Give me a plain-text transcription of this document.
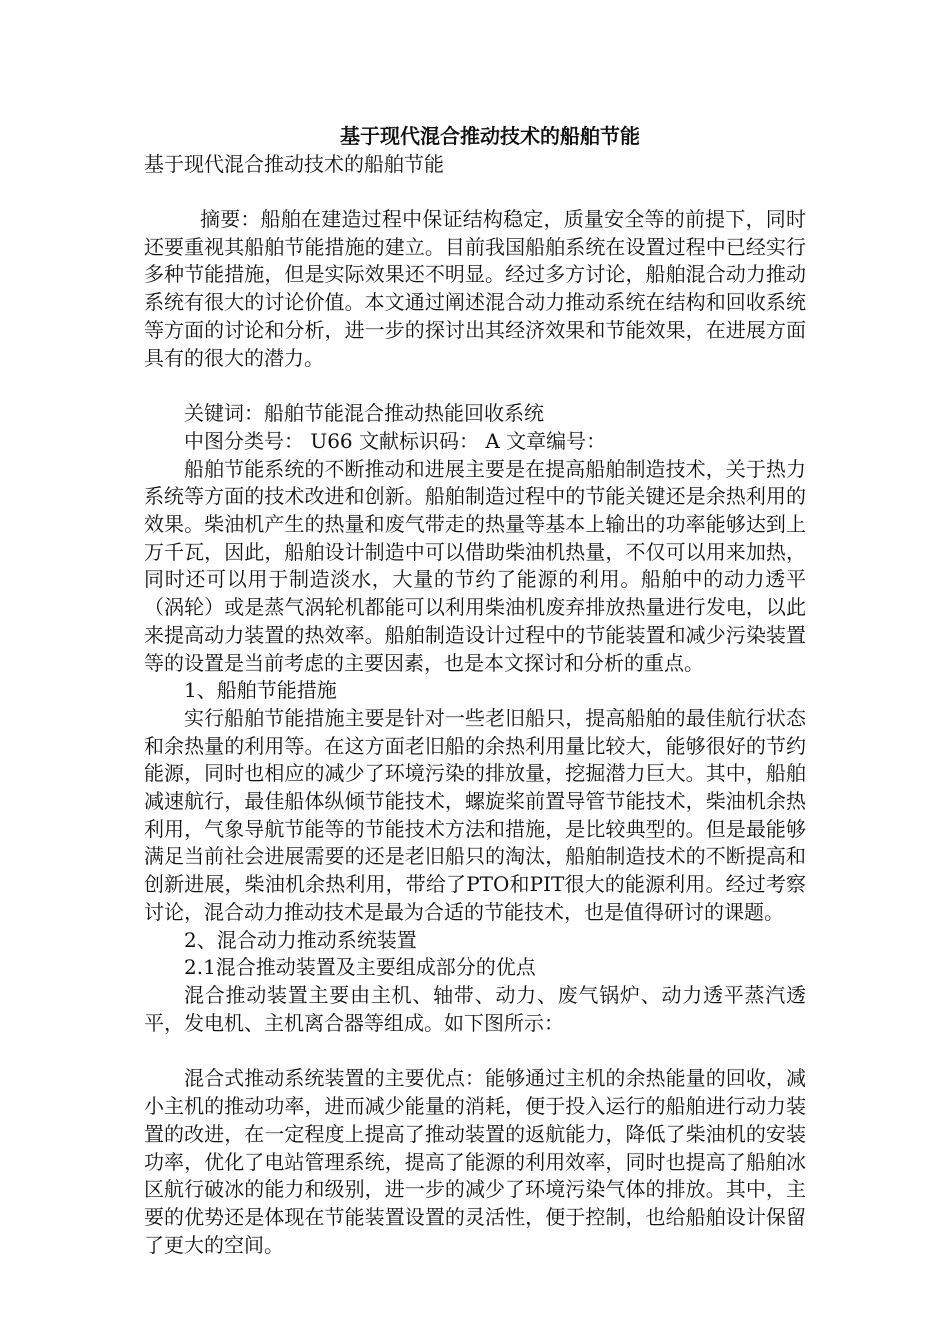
基于现代混合推动技术的船舶节能
基于现代混合推动技术的船舶节能

摘要：船舶在建造过程中保证结构稳定，质量安全等的前提下，同时还要重视其船舶节能措施的建立。目前我国船舶系统在设置过程中已经实行多种节能措施，但是实际效果还不明显。经过多方讨论，船舶混合动力推动系统有很大的讨论价值。本文通过阐述混合动力推动系统在结构和回收系统等方面的讨论和分析，进一步的探讨出其经济效果和节能效果，在进展方面具有的很大的潜力。

关键词：船舶节能混合推动热能回收系统
中图分类号： U66 文献标识码： A 文章编号：

船舶节能系统的不断推动和进展主要是在提高船舶制造技术，关于热力系统等方面的技术改进和创新。船舶制造过程中的节能关键还是余热利用的效果。柴油机产生的热量和废气带走的热量等基本上输出的功率能够达到上万千瓦，因此，船舶设计制造中可以借助柴油机热量，不仅可以用来加热，同时还可以用于制造淡水，大量的节约了能源的利用。船舶中的动力透平（涡轮）或是蒸气涡轮机都能可以利用柴油机废弃排放热量进行发电，以此来提高动力装置的热效率。船舶制造设计过程中的节能装置和减少污染装置等的设置是当前考虑的主要因素，也是本文探讨和分析的重点。

1、船舶节能措施

实行船舶节能措施主要是针对一些老旧船只，提高船舶的最佳航行状态和余热量的利用等。在这方面老旧船的余热利用量比较大，能够很好的节约能源，同时也相应的减少了环境污染的排放量，挖掘潜力巨大。其中，船舶减速航行，最佳船体纵倾节能技术，螺旋桨前置导管节能技术，柴油机余热利用，气象导航节能等的节能技术方法和措施，是比较典型的。但是最能够满足当前社会进展需要的还是老旧船只的淘汰，船舶制造技术的不断提高和创新进展，柴油机余热利用，带给了PTO和PIT很大的能源利用。经过考察讨论，混合动力推动技术是最为合适的节能技术，也是值得研讨的课题。

2、混合动力推动系统装置
2.1混合推动装置及主要组成部分的优点

混合推动装置主要由主机、轴带、动力、废气锅炉、动力透平蒸汽透平，发电机、主机离合器等组成。如下图所示：

混合式推动系统装置的主要优点：能够通过主机的余热能量的回收，减小主机的推动功率，进而减少能量的消耗，便于投入运行的船舶进行动力装置的改进，在一定程度上提高了推动装置的返航能力，降低了柴油机的安装功率，优化了电站管理系统，提高了能源的利用效率，同时也提高了船舶冰区航行破冰的能力和级别，进一步的减少了环境污染气体的排放。其中，主要的优势还是体现在节能装置设置的灵活性，便于控制，也给船舶设计保留了更大的空间。
